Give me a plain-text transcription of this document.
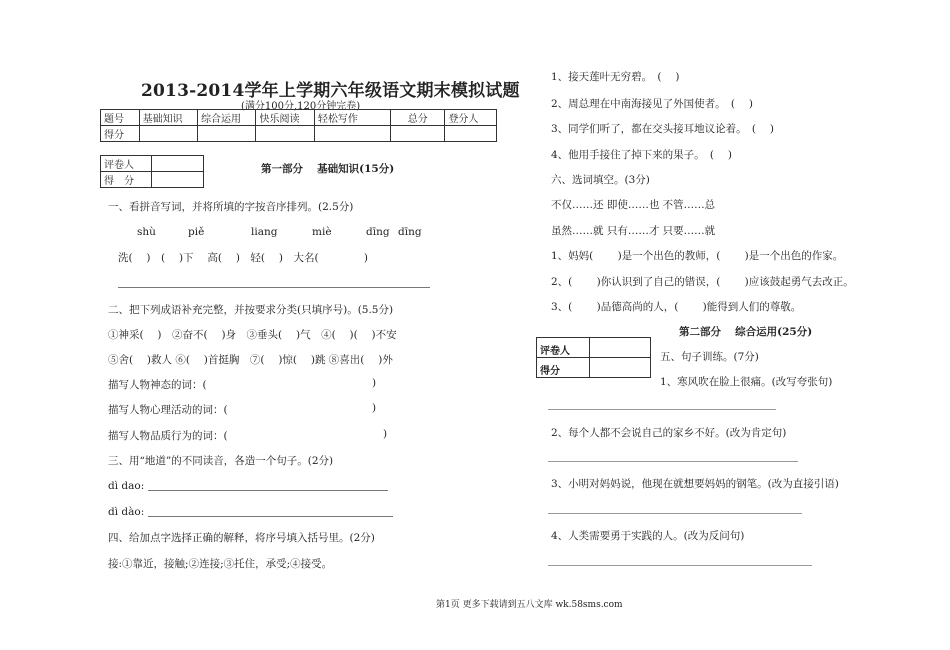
2013-2014学年上学期六年级语文期末模拟试题
(满分100分,120分钟完卷)
题号	基础知识	综合运用	快乐阅读	轻松写作	总分	登分人
得分						
评卷人	
得　分	
第一部分　 基础知识(15分)
一、看拼音写词，并将所填的字按音序排列。(2.5分)
shù	piě	liang	miè	dīng dīng
洗(　 )　(　 )下　 高(　 )　轻(　 )　大名(　　　　 )
二、把下列成语补充完整，并按要求分类(只填序号)。(5.5分)
①神采(　 )　②奋不(　 )身　③垂头(　 )气　④(　 )(　 )不安
⑤舍(　 )救人 ⑥(　 )首挺胸　⑦(　 )惊(　 )跳 ⑧喜出(　 )外
描写人物神态的词：(	)
描写人物心理活动的词：(	)
描写人物品质行为的词：(	)
三、用“地道”的不同读音，各造一个句子。(2分)
dì dao:
dì dào:
四、给加点字选择正确的解释，将序号填入括号里。(2分)
接:①靠近，接触;②连接;③托住，承受;④接受。
1、接天莲叶无穷碧。　(　 )
2、周总理在中南海接见了外国使者。　(　 )
3、同学们听了，都在交头接耳地议论着。　(　 )
4、他用手接住了掉下来的果子。　(　 )
六、选词填空。(3分)
不仅……还 即使……也 不管……总
虽然……就 只有……才 只要……就
1、妈妈(　　 )是一个出色的教师，(　　 )是一个出色的作家。
2、(　　 )你认识到了自己的错误，(　　 )应该鼓起勇气去改正。
3、(　　 )品德高尚的人，(　　 )能得到人们的尊敬。
第二部分　 综合运用(25分)
评卷人	
得分	
五、句子训练。(7分)
1、寒风吹在脸上很痛。(改写夸张句)
2、每个人都不会说自己的家乡不好。(改为肯定句)
3、小明对妈妈说，他现在就想要妈妈的钢笔。(改为直接引语)
4、人类需要勇于实践的人。(改为反问句)
第1页 更多下载请到五八文库 wk.58sms.com
